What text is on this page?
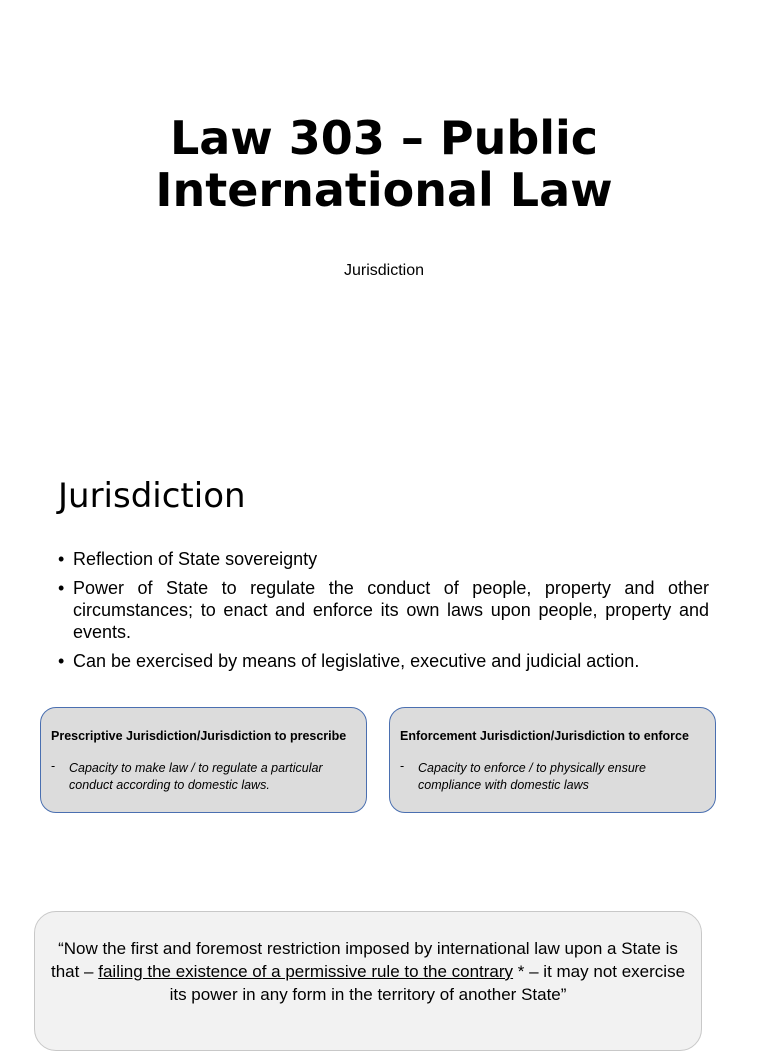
Law 303 – Public International Law
Jurisdiction
Jurisdiction
• Reflection of State sovereignty
• Power of State to regulate the conduct of people, property and other circumstances; to enact and enforce its own laws upon people, property and events.
• Can be exercised by means of legislative, executive and judicial action.
Prescriptive Jurisdiction/Jurisdiction to prescribe
- Capacity to make law / to regulate a particular conduct according to domestic laws.
Enforcement Jurisdiction/Jurisdiction to enforce
- Capacity to enforce / to physically ensure compliance with domestic laws
“Now the first and foremost restriction imposed by international law upon a State is that – failing the existence of a permissive rule to the contrary * – it may not exercise its power in any form in the territory of another State”
